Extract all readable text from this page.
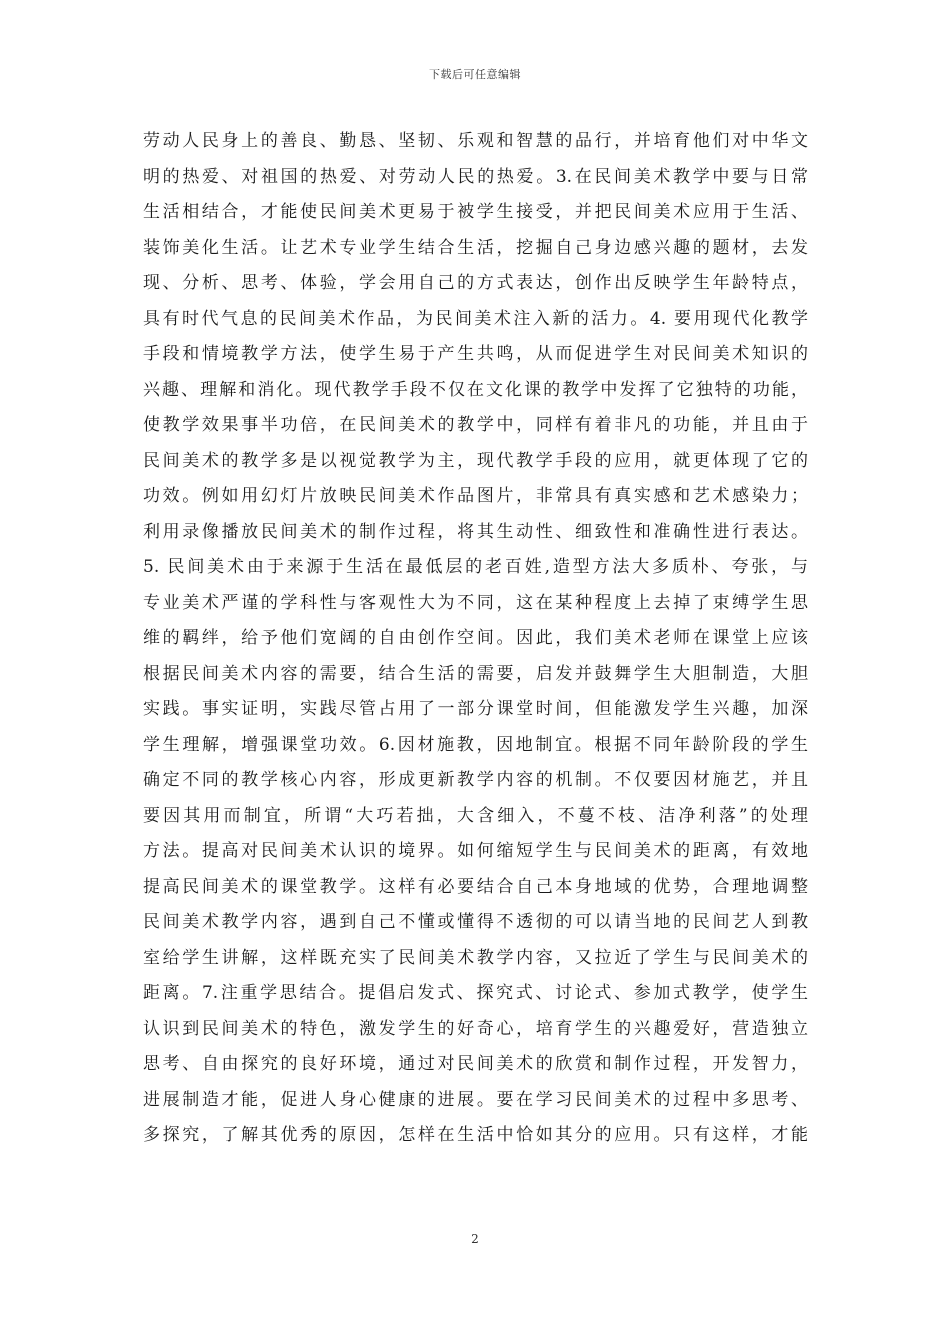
下载后可任意编辑
劳动人民身上的善良、勤恳、坚韧、乐观和智慧的品行，并培育他们对中华文
明的热爱、对祖国的热爱、对劳动人民的热爱。3.在民间美术教学中要与日常
生活相结合，才能使民间美术更易于被学生接受，并把民间美术应用于生活、
装饰美化生活。让艺术专业学生结合生活，挖掘自己身边感兴趣的题材，去发
现、分析、思考、体验，学会用自己的方式表达，创作出反映学生年龄特点，
具有时代气息的民间美术作品，为民间美术注入新的活力。4. 要用现代化教学
手段和情境教学方法，使学生易于产生共鸣，从而促进学生对民间美术知识的
兴趣、理解和消化。现代教学手段不仅在文化课的教学中发挥了它独特的功能，
使教学效果事半功倍，在民间美术的教学中，同样有着非凡的功能，并且由于
民间美术的教学多是以视觉教学为主，现代教学手段的应用，就更体现了它的
功效。例如用幻灯片放映民间美术作品图片，非常具有真实感和艺术感染力；
利用录像播放民间美术的制作过程，将其生动性、细致性和准确性进行表达。
5. 民间美术由于来源于生活在最低层的老百姓,造型方法大多质朴、夸张，与
专业美术严谨的学科性与客观性大为不同，这在某种程度上去掉了束缚学生思
维的羁绊，给予他们宽阔的自由创作空间。因此，我们美术老师在课堂上应该
根据民间美术内容的需要，结合生活的需要，启发并鼓舞学生大胆制造，大胆
实践。事实证明，实践尽管占用了一部分课堂时间，但能激发学生兴趣，加深
学生理解，增强课堂功效。6.因材施教，因地制宜。根据不同年龄阶段的学生
确定不同的教学核心内容，形成更新教学内容的机制。不仅要因材施艺，并且
要因其用而制宜，所谓“大巧若拙，大含细入，不蔓不枝、洁净利落”的处理
方法。提高对民间美术认识的境界。如何缩短学生与民间美术的距离，有效地
提高民间美术的课堂教学。这样有必要结合自己本身地域的优势，合理地调整
民间美术教学内容，遇到自己不懂或懂得不透彻的可以请当地的民间艺人到教
室给学生讲解，这样既充实了民间美术教学内容，又拉近了学生与民间美术的
距离。7.注重学思结合。提倡启发式、探究式、讨论式、参加式教学，使学生
认识到民间美术的特色，激发学生的好奇心，培育学生的兴趣爱好，营造独立
思考、自由探究的良好环境，通过对民间美术的欣赏和制作过程，开发智力，
进展制造才能，促进人身心健康的进展。要在学习民间美术的过程中多思考、
多探究，了解其优秀的原因，怎样在生活中恰如其分的应用。只有这样，才能
2
